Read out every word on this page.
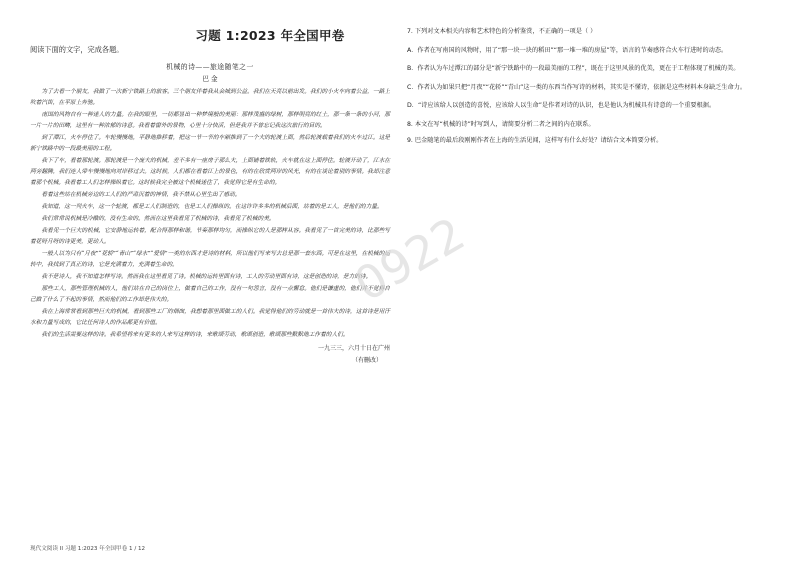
习题 1:2023 年全国甲卷
阅读下面的文字，完成各题。
机械的诗——旅途随笔之一
巴 金

为了去看一个朋友，我做了一次新宁铁路上的旅客。三个朋友伴着我从会城到公益。我们在天亮以前出发。我们的小火车向着公益，一路上吹着汽笛，在平原上奔驰。

南国的风物自有一种迷人的力量。在我的眼里，一切都显出一种梦境般的美丽：那样茂盛的绿树，那样明亮的红土，那一条一条的小河，那一片一片的田畴，这里有一种浓郁的诗意。我看着窗外的景物，心里十分快活，但是我并不曾忘记我这次旅行的目的。

到了潭江，火车停住了。车轮慢慢地，平静地推移着，把这一节一节的车厢推到了一个大的轮渡上面，然后轮渡载着我们的火车过江。这是新宁铁路中的一段最美丽的工程。

我下了车，看着那轮渡。那轮渡是一个庞大的机械，差不多有一座房子那么大，上面铺着铁轨，火车就在这上面停住。轮渡开动了，江水在两旁翻腾，我们连人带车慢慢地向对岸移过去。这时候，人们都在看着江上的景色，有的在欣赏两岸的风光，有的在谈论着别的事情。我却注意着那个机械。我看着工人们怎样操纵着它。这时候我完全被这个机械迷住了，我觉得它是有生命的。

看着这些站在机械旁边的工人们的严肃沉着的神情，我不禁从心里生出了感动。

我知道，这一列火车，这一个轮渡，都是工人们制造的，也是工人们操纵的。在这许许多多的机械后面，站着的是工人，是他们的力量。

我们常常说机械是冷酷的，没有生命的。然而在这里我看见了机械的诗，我看见了机械的美。

我看见一个巨大的机械，它安静地运转着，配合得那样和谐，节奏那样均匀，而操纵它的人是那样从容。我看见了一首完美的诗，比那些写着花呀月呀的诗更美，更动人。

一般人以为只有“月夜”“花轿”“青山”“绿水”“爱情”一类的东西才是诗的材料，所以他们写来写去总是那一套东西。可是在这里，在机械的运转中，我找到了真正的诗，它是充满着力，充满着生命的。

我不是诗人，我不知道怎样写诗。然而我在这里看见了诗。机械的运转里面有诗，工人的劳动里面有诗，这是创造的诗，是力的诗。

那些工人，那些管理机械的人，他们站在自己的岗位上，做着自己的工作，没有一句怨言，没有一点懈怠。他们是谦虚的，他们并不觉得自己做了什么了不起的事情，然而他们的工作却是伟大的。

我在上海常常看到那些巨大的机械，看到那些工厂的烟囱，我想着那里面做工的人们。我觉得他们的劳动就是一首伟大的诗，这首诗是用汗水和力量写成的，它比任何诗人的作品都更有价值。

我们的生活需要这样的诗。我希望将来有更多的人来写这样的诗，来歌颂劳动，歌颂创造，歌颂那些默默地工作着的人们。

一九三三，六月十日在广州
（有删改）
7. 下列对文本相关内容和艺术特色的分析鉴赏，不正确的一项是（ ）
A．作者在写南国的风物时，用了“那一块一块的稻田”“那一堆一堆的房屋”等，语言的节奏感符合火车行进时的动态。
B．作者认为车过潭江的部分是“新宁铁路中的一段最美丽的工程”，既在于这里风景的优美，更在于工程体现了机械的美。
C．作者认为如果只把“月夜”“花轿”“青山”这一类的东西当作写诗的材料，其实是不懂诗，依据是这些材料本身缺乏生命力。
D．“诗应该给人以创造的喜悦，应该给人以生命”是作者对诗的认识，也是他认为机械具有诗意的一个重要根据。
8. 本文在写“机械的诗”时写到人，请简要分析二者之间的内在联系。
9. 巴金随笔的最后段刚刚作者在上海的生活见闻，这样写有什么好处？请结合文本简要分析。
0922
现代文阅读 II 习题 1:2023 年全国甲卷 1 / 12
